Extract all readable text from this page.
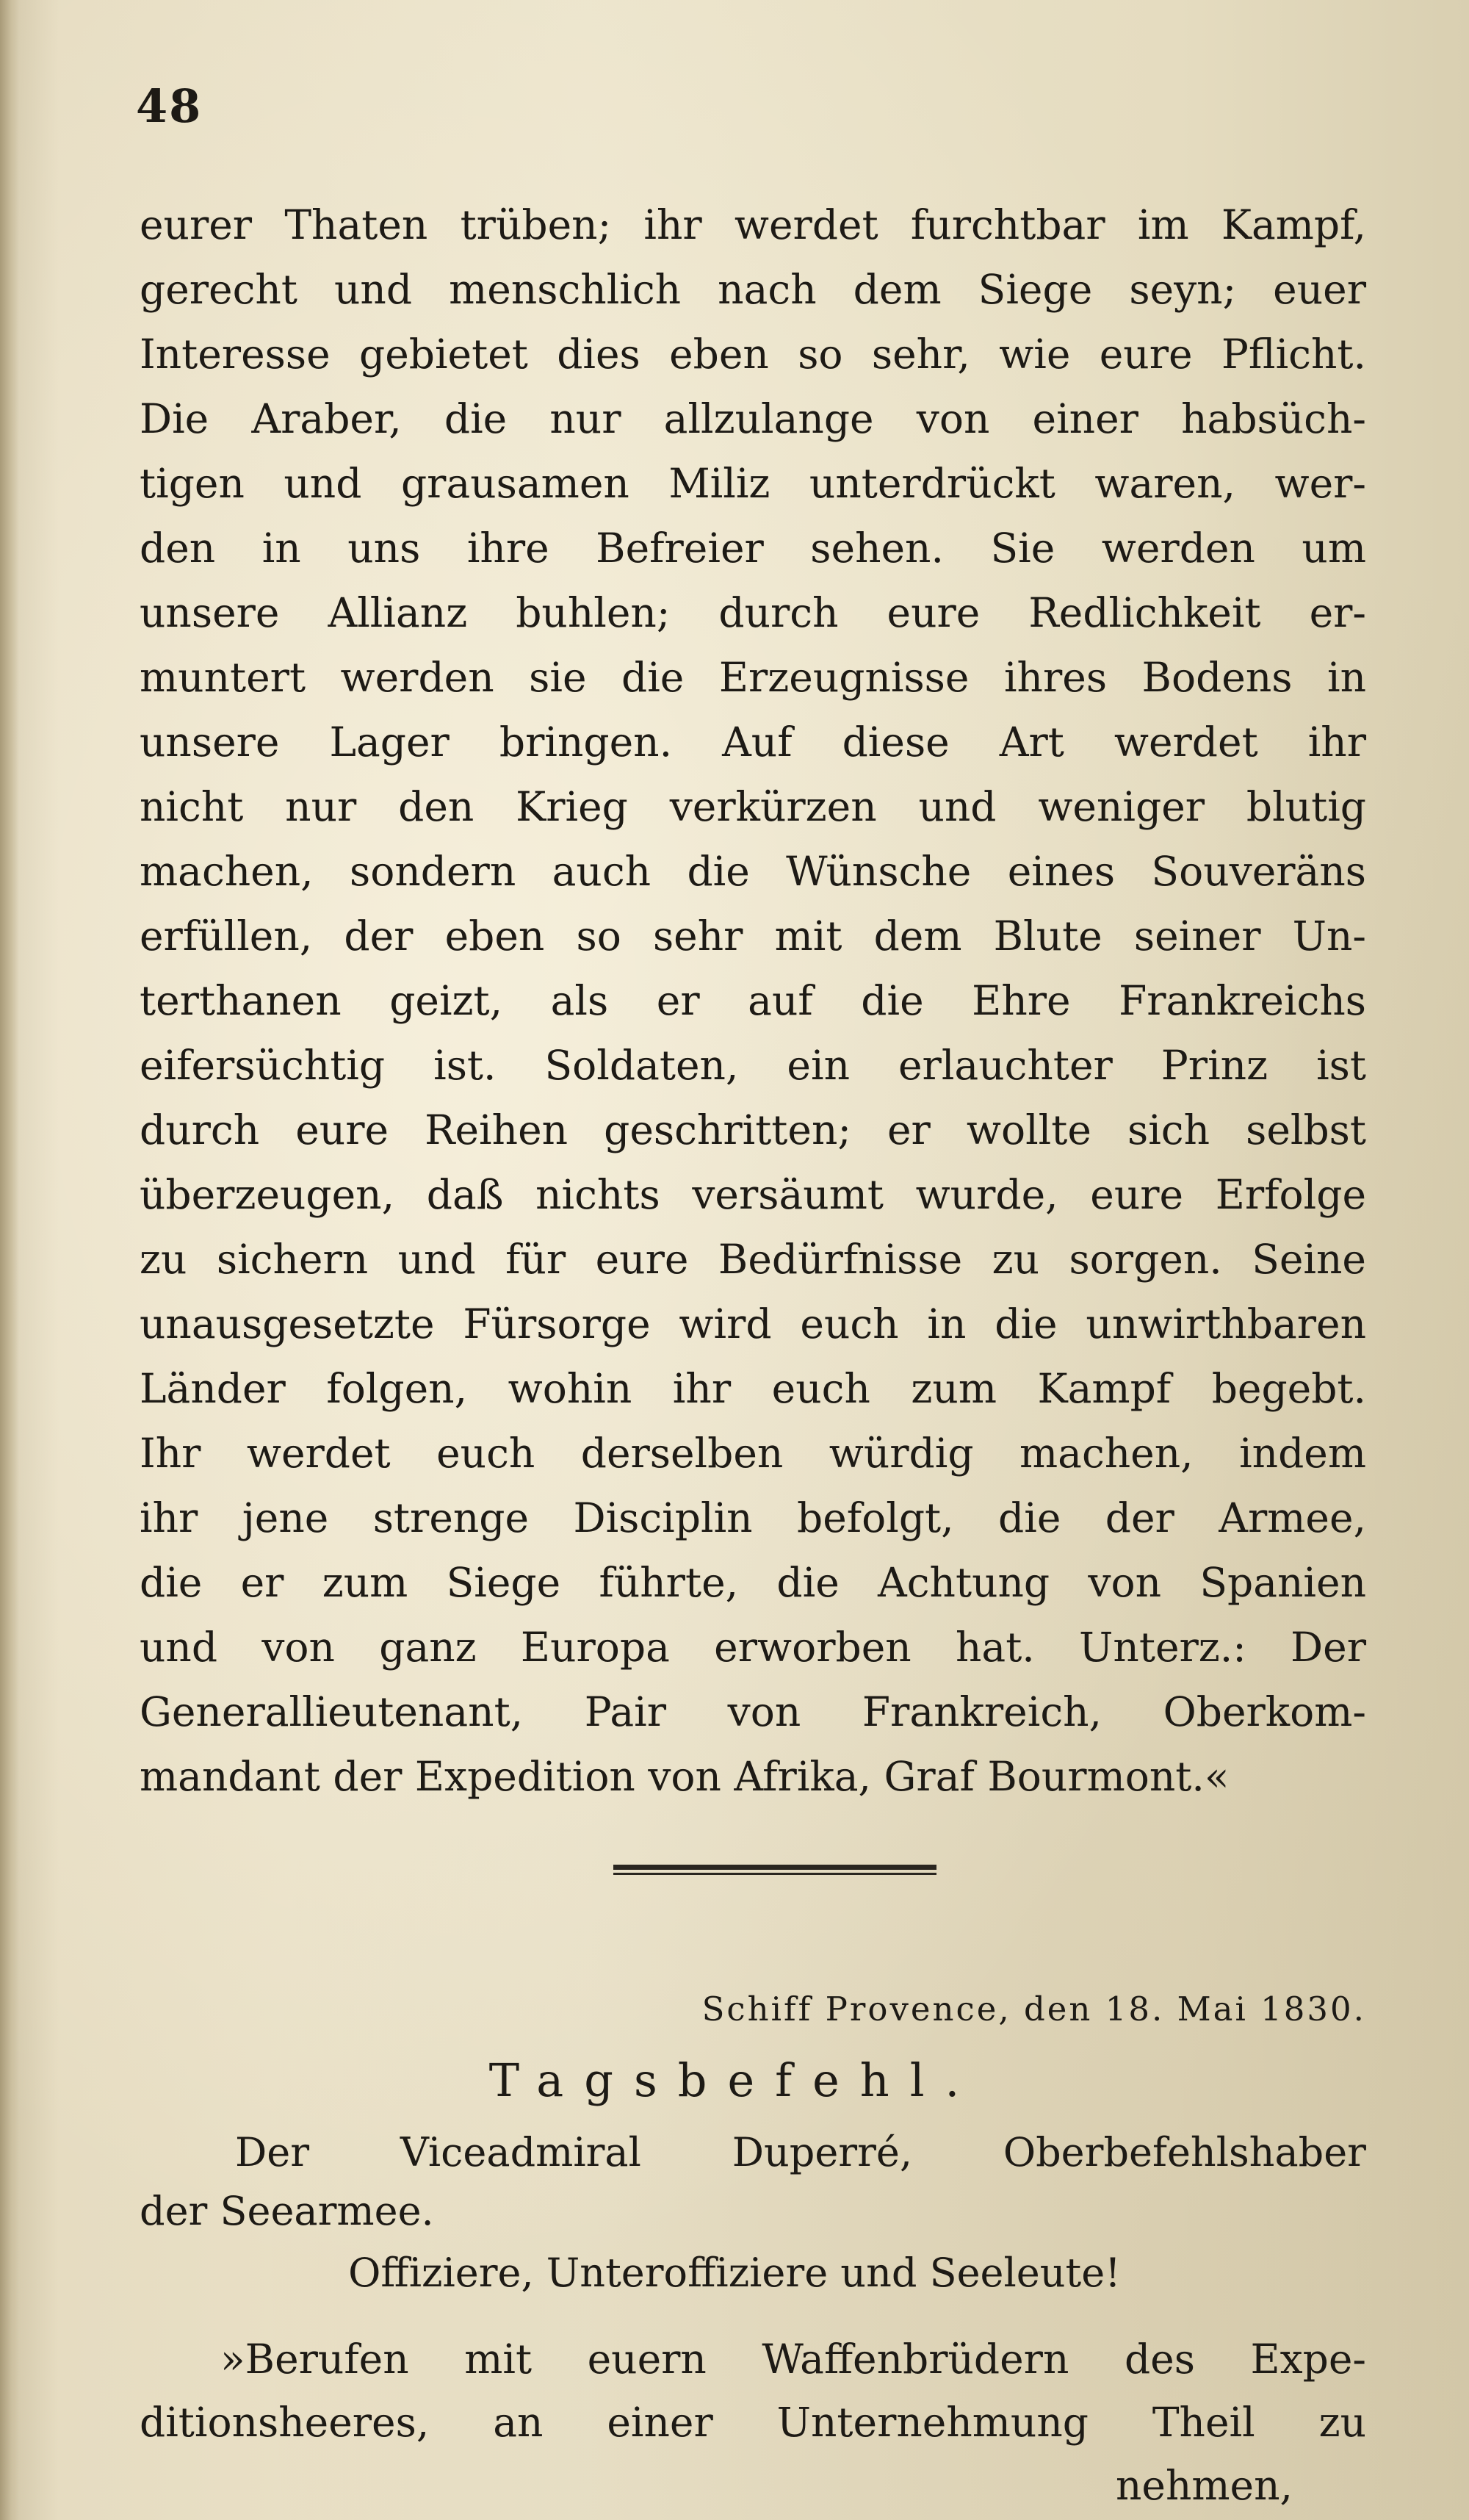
48

eurer Thaten trüben; ihr werdet furchtbar im Kampf,
gerecht und menschlich nach dem Siege seyn; euer
Interesse gebietet dies eben so sehr, wie eure Pflicht.
Die Araber, die nur allzulange von einer habsüch-
tigen und grausamen Miliz unterdrückt waren, wer-
den in uns ihre Befreier sehen. Sie werden um
unsere Allianz buhlen; durch eure Redlichkeit er-
muntert werden sie die Erzeugnisse ihres Bodens in
unsere Lager bringen. Auf diese Art werdet ihr
nicht nur den Krieg verkürzen und weniger blutig
machen, sondern auch die Wünsche eines Souveräns
erfüllen, der eben so sehr mit dem Blute seiner Un-
terthanen geizt, als er auf die Ehre Frankreichs
eifersüchtig ist. Soldaten, ein erlauchter Prinz ist
durch eure Reihen geschritten; er wollte sich selbst
überzeugen, daß nichts versäumt wurde, eure Erfolge
zu sichern und für eure Bedürfnisse zu sorgen. Seine
unausgesetzte Fürsorge wird euch in die unwirthbaren
Länder folgen, wohin ihr euch zum Kampf begebt.
Ihr werdet euch derselben würdig machen, indem
ihr jene strenge Disciplin befolgt, die der Armee,
die er zum Siege führte, die Achtung von Spanien
und von ganz Europa erworben hat. Unterz.: Der
Generallieutenant, Pair von Frankreich, Oberkom-
mandant der Expedition von Afrika, Graf Bourmont.«

Schiff Provence, den 18. Mai 1830.

Tagsbefehl.

Der Viceadmiral Duperré, Oberbefehlshaber
der Seearmee.

Offiziere, Unteroffiziere und Seeleute!

»Berufen mit euern Waffenbrüdern des Expe-
ditionsheeres, an einer Unternehmung Theil zu
nehmen,
